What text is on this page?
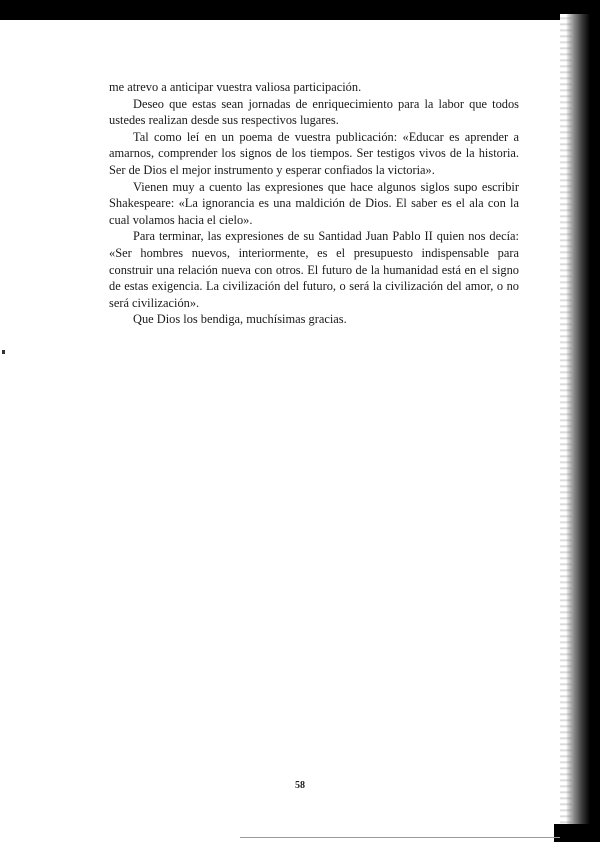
me atrevo a anticipar vuestra valiosa participación.

Deseo que estas sean jornadas de enriquecimiento para la labor que todos ustedes realizan desde sus respectivos lugares.

Tal como leí en un poema de vuestra publicación: «Educar es aprender a amarnos, comprender los signos de los tiempos. Ser testigos vivos de la historia. Ser de Dios el mejor instrumento y esperar confiados la victoria».

Vienen muy a cuento las expresiones que hace algunos siglos supo escribir Shakespeare: «La ignorancia es una maldición de Dios. El saber es el ala con la cual volamos hacia el cielo».

Para terminar, las expresiones de su Santidad Juan Pablo II quien nos decía: «Ser hombres nuevos, interiormente, es el presupuesto indispensable para construir una relación nueva con otros. El futuro de la humanidad está en el signo de estas exigencia. La civilización del futuro, o será la civilización del amor, o no será civilización».

Que Dios los bendiga, muchísimas gracias.

58
